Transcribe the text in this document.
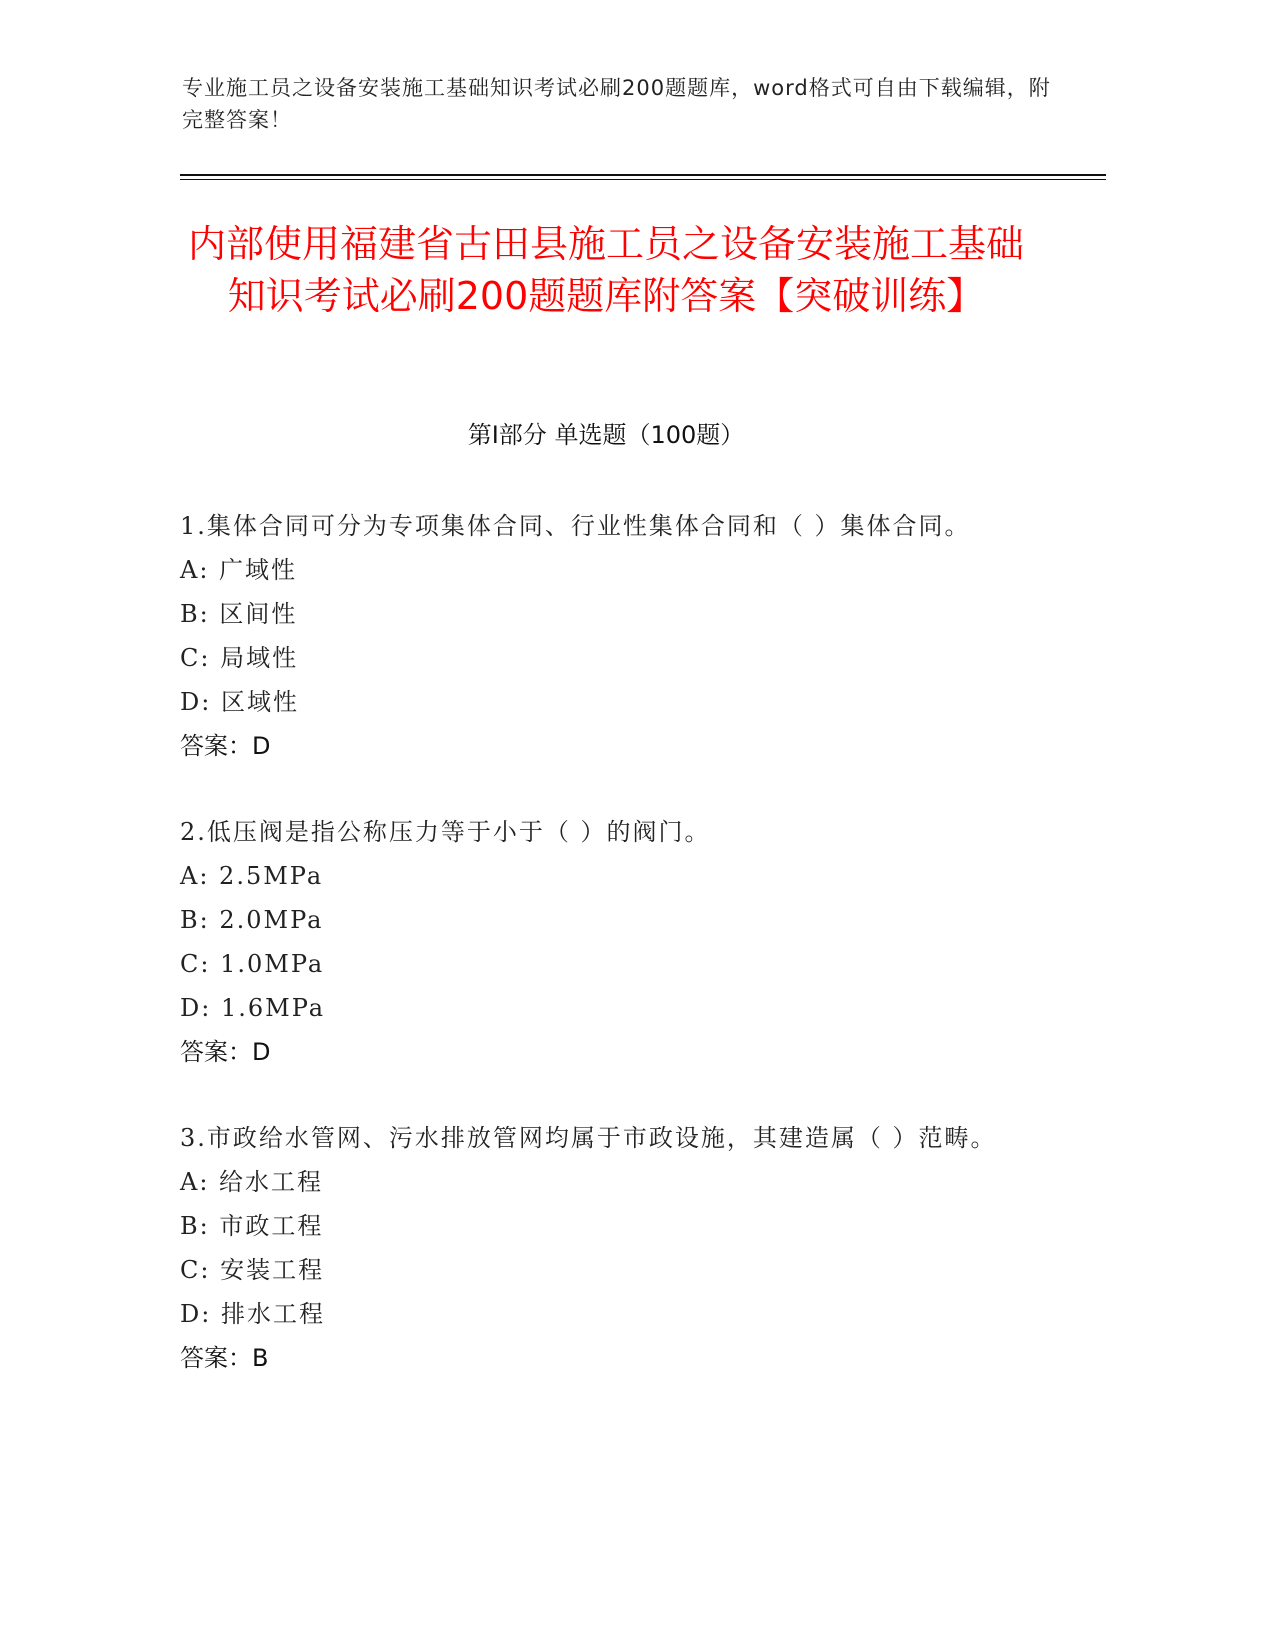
专业施工员之设备安装施工基础知识考试必刷200题题库，word格式可自由下载编辑，附完整答案！
内部使用福建省古田县施工员之设备安装施工基础知识考试必刷200题题库附答案【突破训练】
第Ⅰ部分 单选题（100题）
1.集体合同可分为专项集体合同、行业性集体合同和（ ）集体合同。
A: 广域性
B: 区间性
C: 局域性
D: 区域性
答案：D
2.低压阀是指公称压力等于小于（ ）的阀门。
A: 2.5MPa
B: 2.0MPa
C: 1.0MPa
D: 1.6MPa
答案：D
3.市政给水管网、污水排放管网均属于市政设施，其建造属（ ）范畴。
A: 给水工程
B: 市政工程
C: 安装工程
D: 排水工程
答案：B
